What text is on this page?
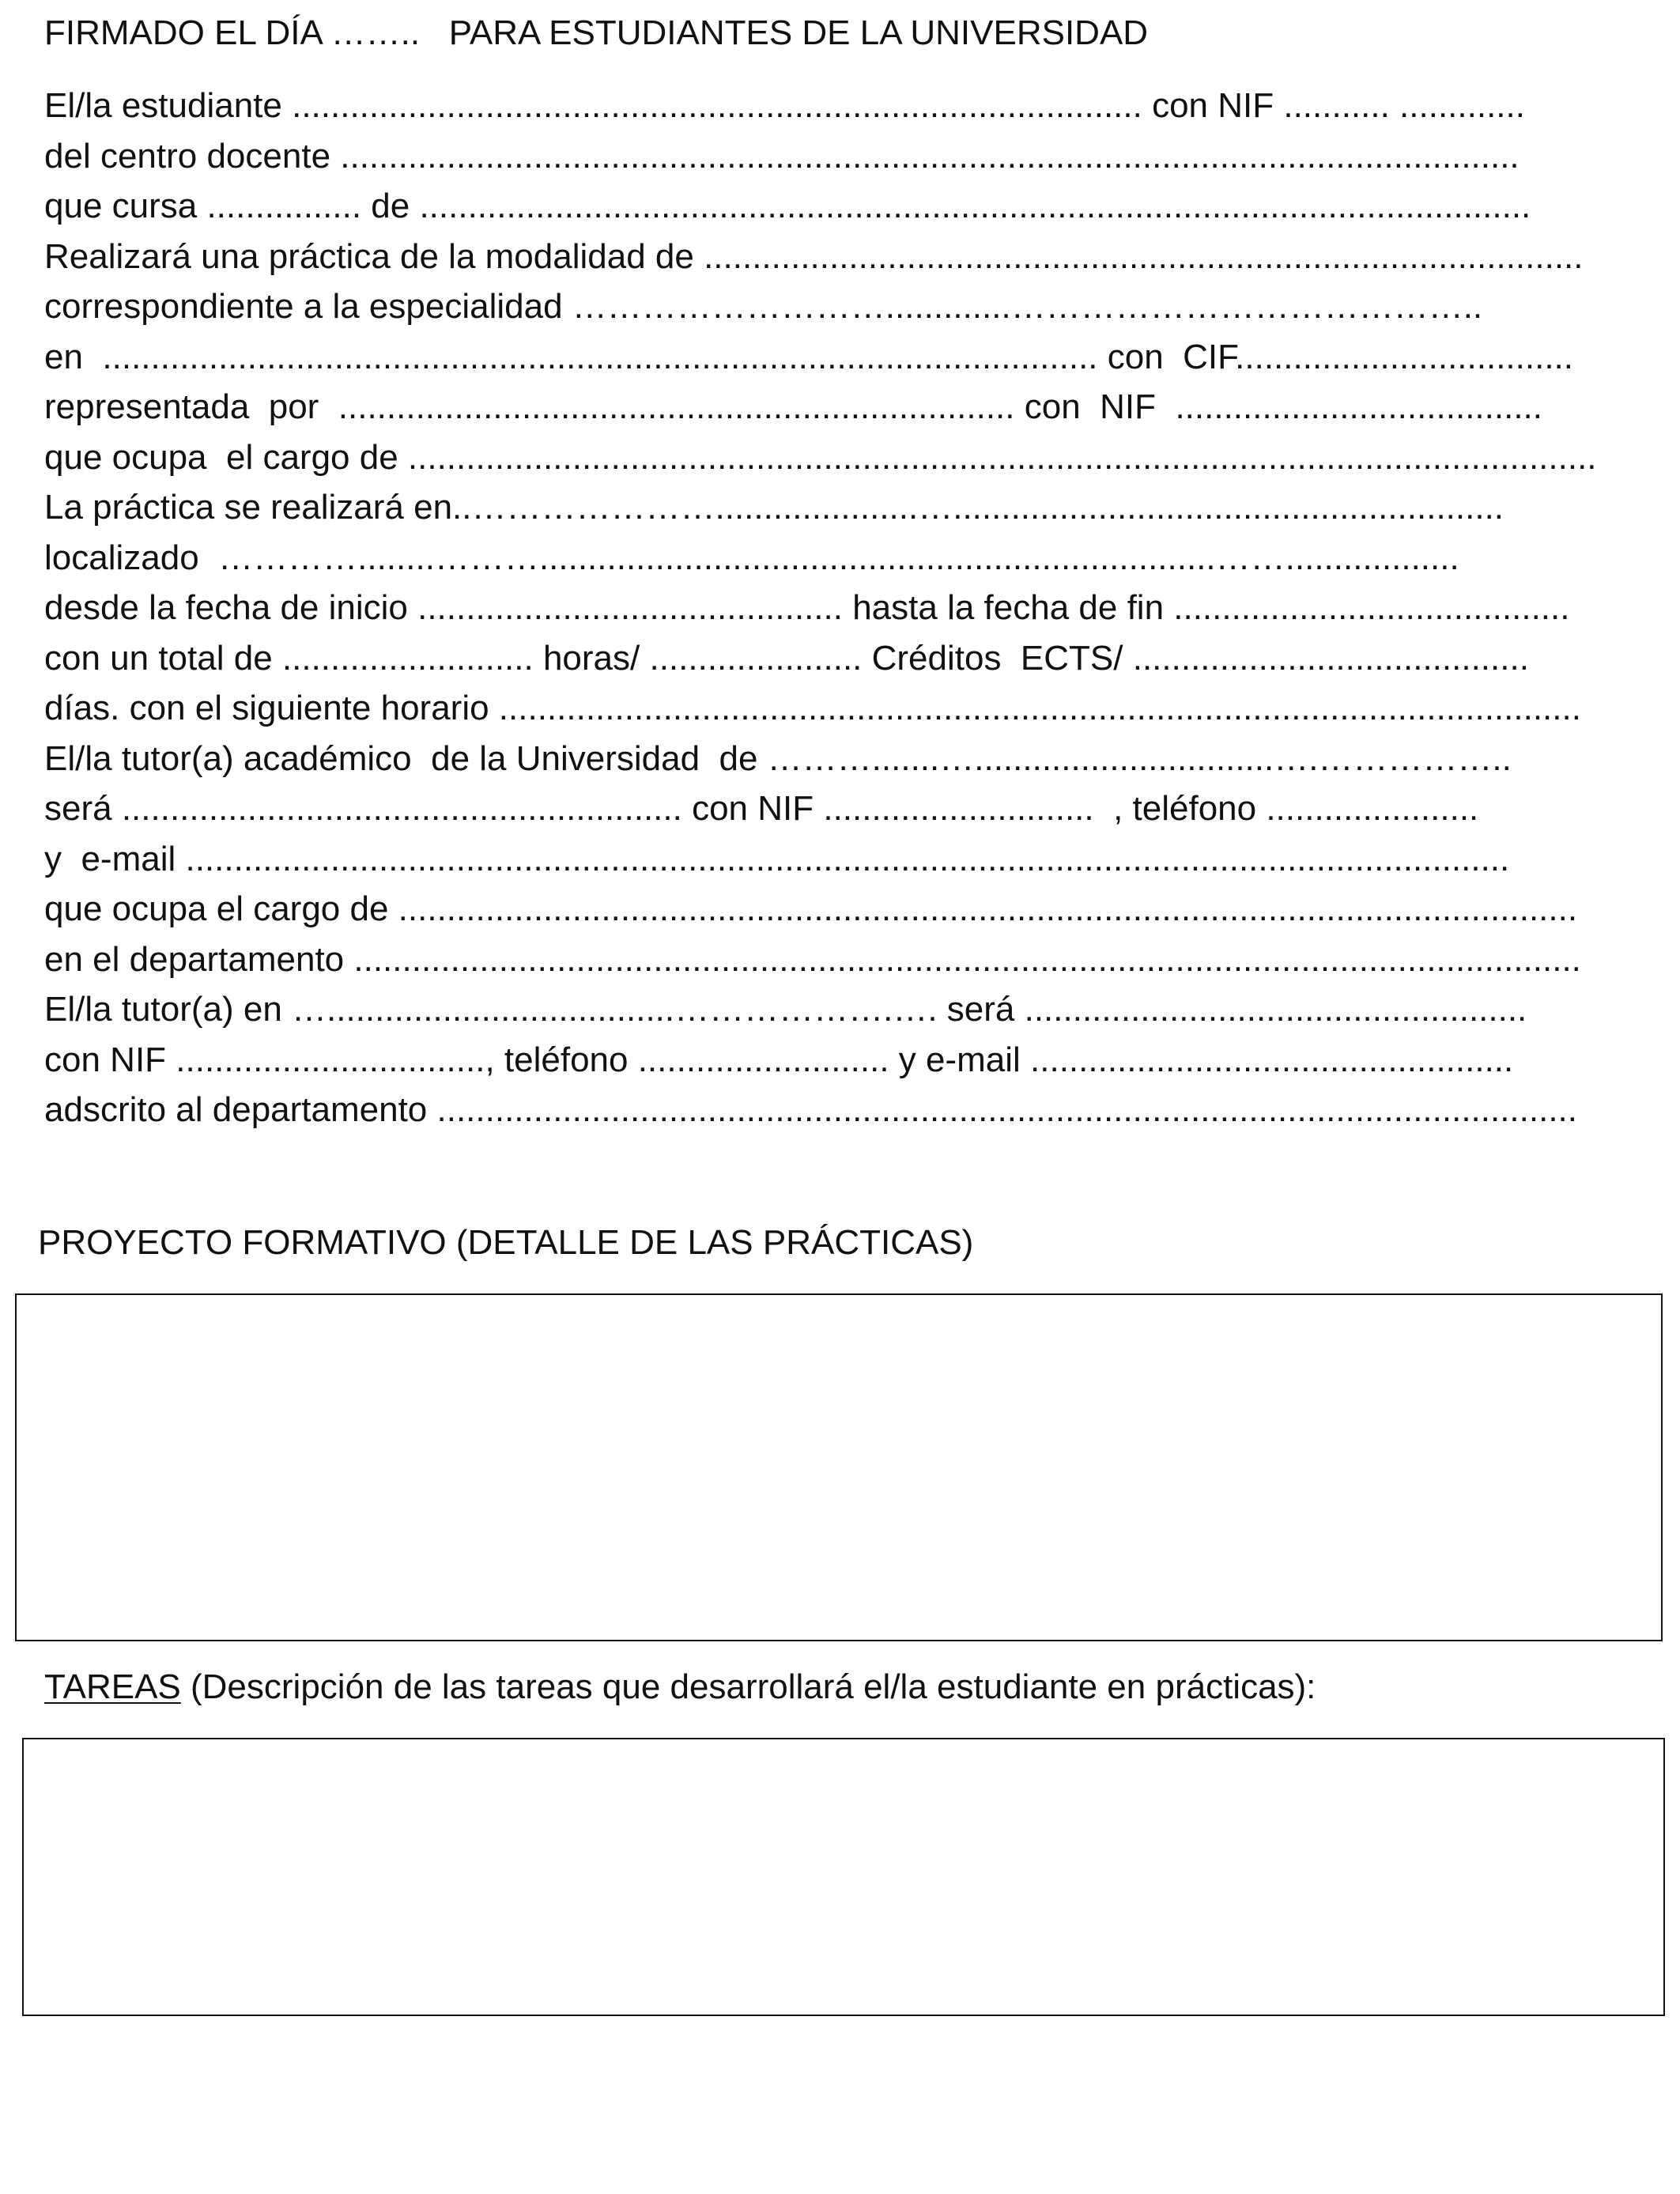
FIRMADO EL DÍA ……..   PARA ESTUDIANTES DE LA UNIVERSIDAD
El/la estudiante ........................................................................................ con NIF ........... .............
del centro docente ..........................................................................................................................
que cursa ................ de ...................................................................................................................
Realizará una práctica de la modalidad de ...........................................................................................
correspondiente a la especialidad ……………………….............…………………………………..
en  ....................................................................................................... con  CIF...................................
representada  por  ...................................................................... con  NIF  ......................................
que ocupa  el cargo de ...........................................................................................................................
La práctica se realizará en..………………….....................….........................................................
localizado  …………........………......................................................................……..................
desde la fecha de inicio ............................................ hasta la fecha de fin .........................................
con un total de .......................... horas/ ...................... Créditos  ECTS/ .........................................
días. con el siguiente horario ................................................................................................................
El/la tutor(a) académico  de la Universidad  de ……….......…...............................….……………..
será .......................................................... con NIF ............................  , teléfono ......................
y  e-mail .........................................................................................................................................
que ocupa el cargo de ..........................................................................................................................
en el departamento ...............................................................................................................................
El/la tutor(a) en …....................................……………….…. será ....................................................
con NIF ................................, teléfono .......................... y e-mail ..................................................
adscrito al departamento ......................................................................................................................
PROYECTO FORMATIVO (DETALLE DE LAS PRÁCTICAS)
TAREAS (Descripción de las tareas que desarrollará el/la estudiante en prácticas):
